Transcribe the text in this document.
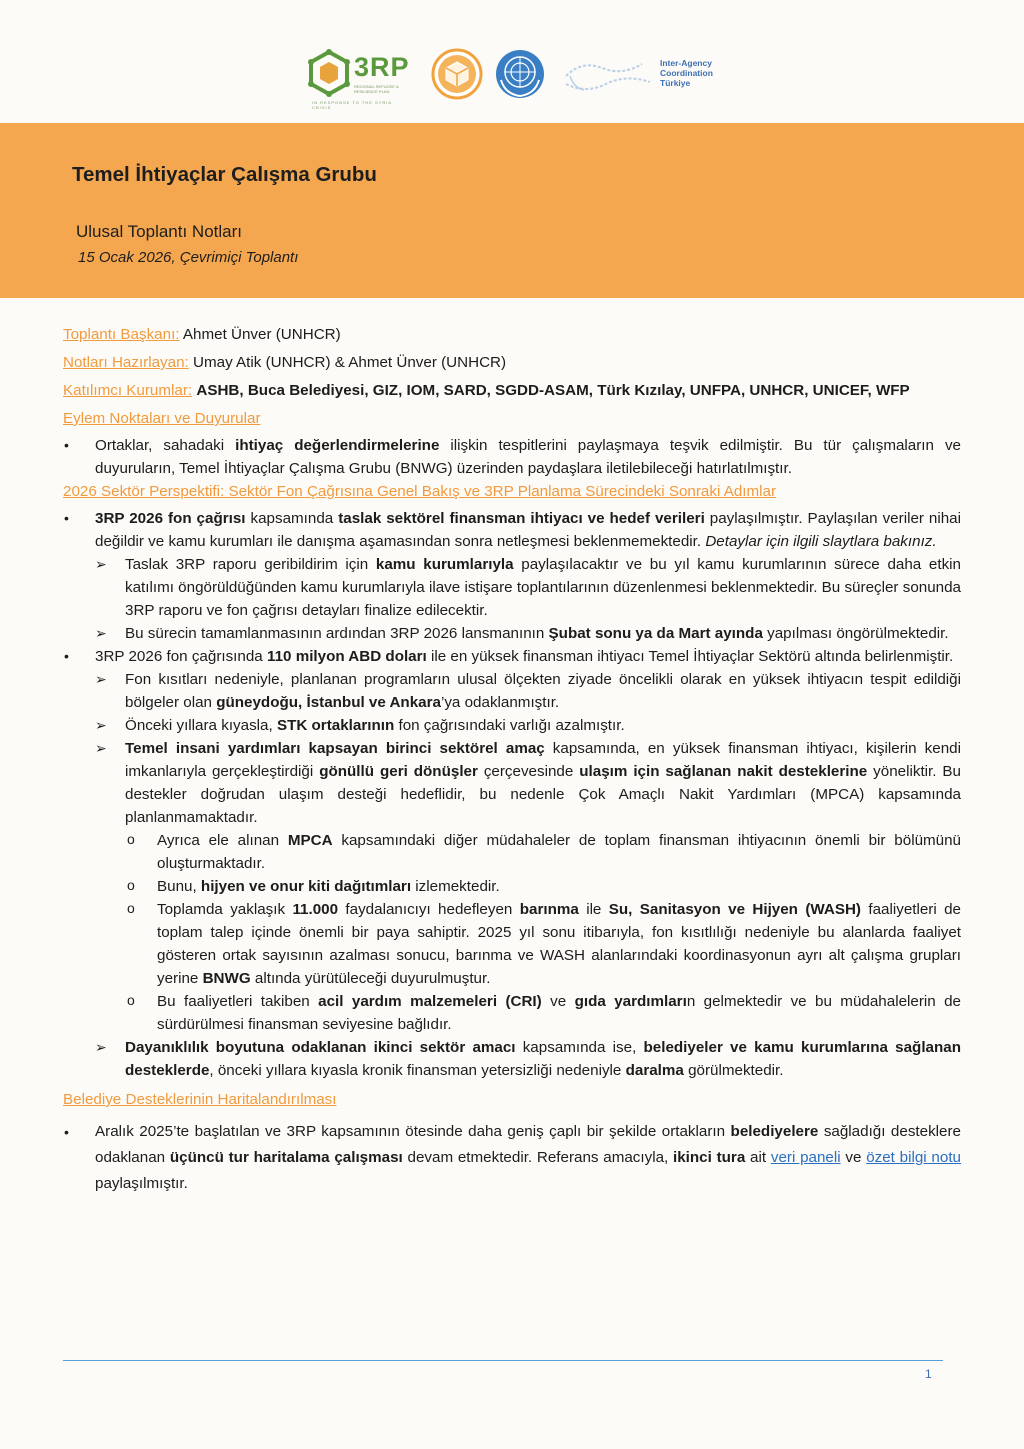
3RP
REGIONAL REFUGEE & RESILIENCE PLAN
IN RESPONSE TO THE SYRIA CRISIS
Inter-Agency
Coordination
Türkiye
Temel İhtiyaçlar Çalışma Grubu
Ulusal Toplantı Notları
15 Ocak 2026, Çevrimiçi Toplantı

Toplantı Başkanı: Ahmet Ünver (UNHCR)

Notları Hazırlayan: Umay Atik (UNHCR) & Ahmet Ünver (UNHCR)

Katılımcı Kurumlar: ASHB, Buca Belediyesi, GIZ, IOM, SARD, SGDD-ASAM, Türk Kızılay, UNFPA, UNHCR, UNICEF, WFP

Eylem Noktaları ve Duyurular

• Ortaklar, sahadaki ihtiyaç değerlendirmelerine ilişkin tespitlerini paylaşmaya teşvik edilmiştir. Bu tür çalışmaların ve duyuruların, Temel İhtiyaçlar Çalışma Grubu (BNWG) üzerinden paydaşlara iletilebileceği hatırlatılmıştır.

2026 Sektör Perspektifi: Sektör Fon Çağrısına Genel Bakış ve 3RP Planlama Sürecindeki Sonraki Adımlar

• 3RP 2026 fon çağrısı kapsamında taslak sektörel finansman ihtiyacı ve hedef verileri paylaşılmıştır. Paylaşılan veriler nihai değildir ve kamu kurumları ile danışma aşamasından sonra netleşmesi beklenmemektedir. Detaylar için ilgili slaytlara bakınız.
➢ Taslak 3RP raporu geribildirim için kamu kurumlarıyla paylaşılacaktır ve bu yıl kamu kurumlarının sürece daha etkin katılımı öngörüldüğünden kamu kurumlarıyla ilave istişare toplantılarının düzenlenmesi beklenmektedir. Bu süreçler sonunda 3RP raporu ve fon çağrısı detayları finalize edilecektir.
➢ Bu sürecin tamamlanmasının ardından 3RP 2026 lansmanının Şubat sonu ya da Mart ayında yapılması öngörülmektedir.
• 3RP 2026 fon çağrısında 110 milyon ABD doları ile en yüksek finansman ihtiyacı Temel İhtiyaçlar Sektörü altında belirlenmiştir.
➢ Fon kısıtları nedeniyle, planlanan programların ulusal ölçekten ziyade öncelikli olarak en yüksek ihtiyacın tespit edildiği bölgeler olan güneydoğu, İstanbul ve Ankara’ya odaklanmıştır.
➢ Önceki yıllara kıyasla, STK ortaklarının fon çağrısındaki varlığı azalmıştır.
➢ Temel insani yardımları kapsayan birinci sektörel amaç kapsamında, en yüksek finansman ihtiyacı, kişilerin kendi imkanlarıyla gerçekleştirdiği gönüllü geri dönüşler çerçevesinde ulaşım için sağlanan nakit desteklerine yöneliktir. Bu destekler doğrudan ulaşım desteği hedeflidir, bu nedenle Çok Amaçlı Nakit Yardımları (MPCA) kapsamında planlanmamaktadır.
o Ayrıca ele alınan MPCA kapsamındaki diğer müdahaleler de toplam finansman ihtiyacının önemli bir bölümünü oluşturmaktadır.
o Bunu, hijyen ve onur kiti dağıtımları izlemektedir.
o Toplamda yaklaşık 11.000 faydalanıcıyı hedefleyen barınma ile Su, Sanitasyon ve Hijyen (WASH) faaliyetleri de toplam talep içinde önemli bir paya sahiptir. 2025 yıl sonu itibarıyla, fon kısıtlılığı nedeniyle bu alanlarda faaliyet gösteren ortak sayısının azalması sonucu, barınma ve WASH alanlarındaki koordinasyonun ayrı alt çalışma grupları yerine BNWG altında yürütüleceği duyurulmuştur.
o Bu faaliyetleri takiben acil yardım malzemeleri (CRI) ve gıda yardımların gelmektedir ve bu müdahalelerin de sürdürülmesi finansman seviyesine bağlıdır.
➢ Dayanıklılık boyutuna odaklanan ikinci sektör amacı kapsamında ise, belediyeler ve kamu kurumlarına sağlanan desteklerde, önceki yıllara kıyasla kronik finansman yetersizliği nedeniyle daralma görülmektedir.

Belediye Desteklerinin Haritalandırılması

• Aralık 2025’te başlatılan ve 3RP kapsamının ötesinde daha geniş çaplı bir şekilde ortakların belediyelere sağladığı desteklere odaklanan üçüncü tur haritalama çalışması devam etmektedir. Referans amacıyla, ikinci tura ait veri paneli ve özet bilgi notu paylaşılmıştır.
1
